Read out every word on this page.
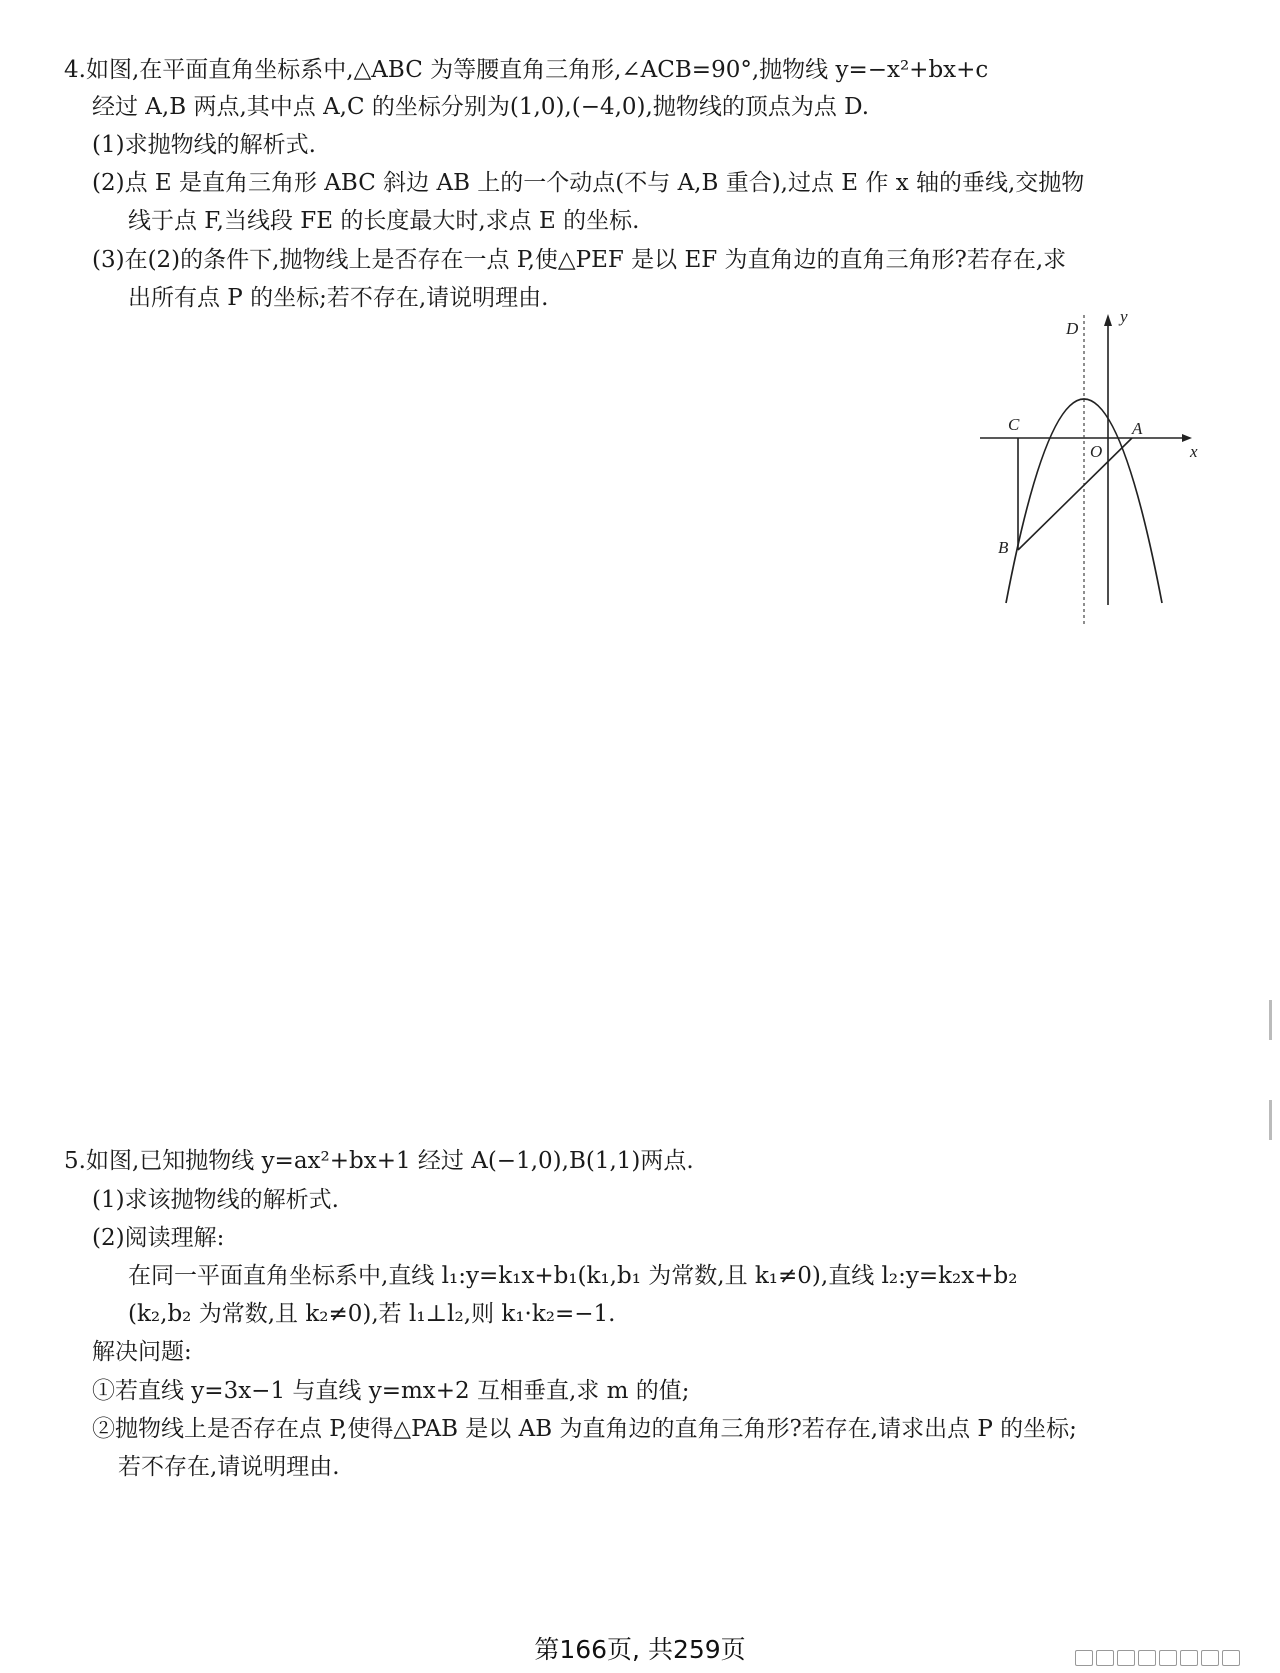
4.如图,在平面直角坐标系中,△ABC 为等腰直角三角形,∠ACB=90°,抛物线 y=−x²+bx+c
经过 A,B 两点,其中点 A,C 的坐标分别为(1,0),(−4,0),抛物线的顶点为点 D.
(1)求抛物线的解析式.
(2)点 E 是直角三角形 ABC 斜边 AB 上的一个动点(不与 A,B 重合),过点 E 作 x 轴的垂线,交抛物
线于点 F,当线段 FE 的长度最大时,求点 E 的坐标.
(3)在(2)的条件下,抛物线上是否存在一点 P,使△PEF 是以 EF 为直角边的直角三角形?若存在,求
出所有点 P 的坐标;若不存在,请说明理由.
D
y
C	A
O	x
B
5.如图,已知抛物线 y=ax²+bx+1 经过 A(−1,0),B(1,1)两点.
(1)求该抛物线的解析式.
(2)阅读理解:
在同一平面直角坐标系中,直线 l₁:y=k₁x+b₁(k₁,b₁ 为常数,且 k₁≠0),直线 l₂:y=k₂x+b₂
(k₂,b₂ 为常数,且 k₂≠0),若 l₁⊥l₂,则 k₁·k₂=−1.
解决问题:
①若直线 y=3x−1 与直线 y=mx+2 互相垂直,求 m 的值;
②抛物线上是否存在点 P,使得△PAB 是以 AB 为直角边的直角三角形?若存在,请求出点 P 的坐标;
若不存在,请说明理由.
第166页, 共259页
